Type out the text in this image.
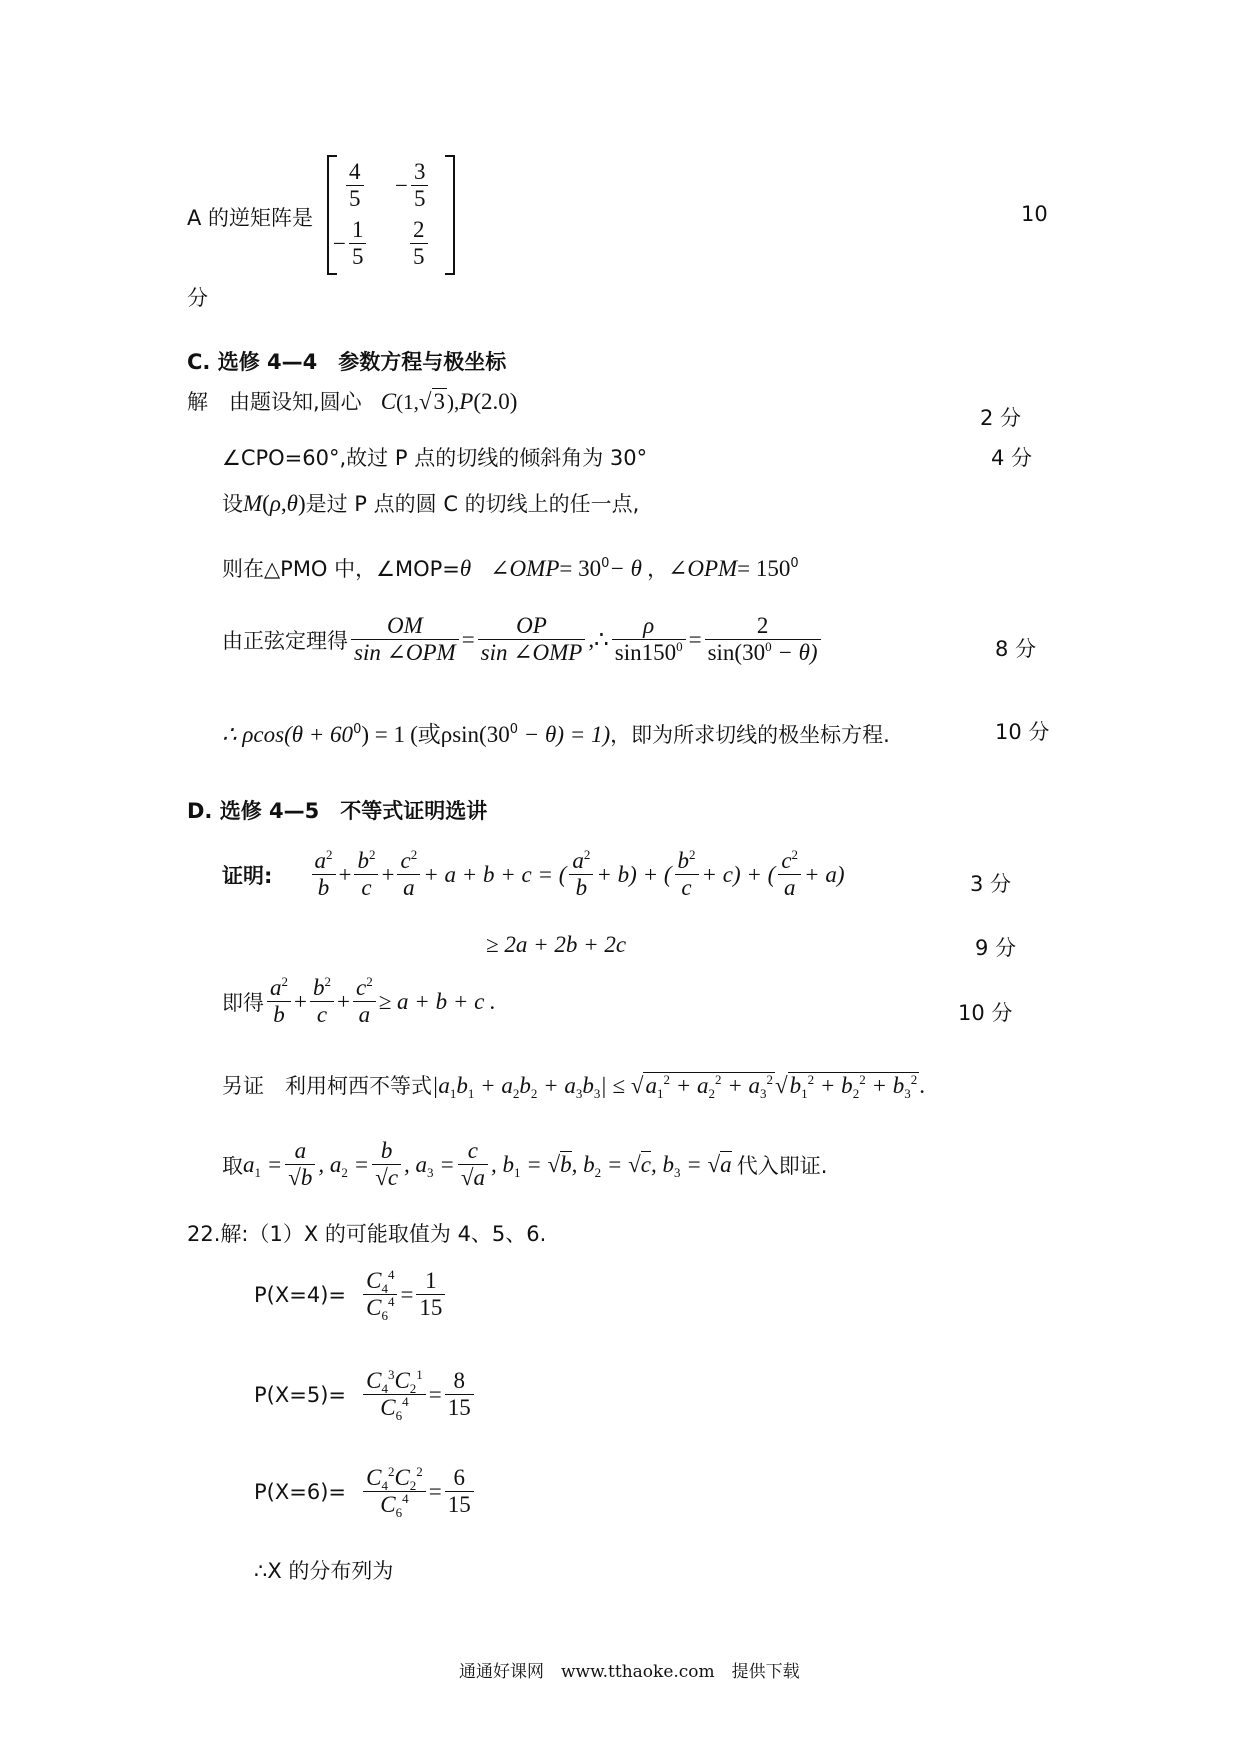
A 的逆矩阵是
$\frac{4}{5} - \frac{3}{5}$
− $\frac{1}{5} \frac{2}{5}$
10
分
C. 选修 4—4　参数方程与极坐标
解　由题设知,圆心 C(1,√3),P(2.0)
2 分
∠CPO=60°,故过 P 点的切线的倾斜角为 30°	4 分
设M(ρ,θ)是过 P 点的圆 C 的切线上的任一点,
则在△PMO 中，∠MOP=θ ∠OMP= $30^0- \theta$ ，∠OPM= $150^0$
由正弦定理得 $\frac{OM}{\text{sin ∠OPM}} = \frac{OP}{\text{sin ∠OMP}}$ ,∴ $\frac{\rho}{\sin 150^0} = \frac{2}{\sin(30^0 - \theta)}$	8 分
∴ $\rho\cos(\theta + 60^0) = 1$ (或$\rho\sin(30^0 - \theta) = 1$)，即为所求切线的极坐标方程.	10 分
D. 选修 4—5　不等式证明选讲
证明: $\frac{a^2}{b} + \frac{b^2}{c} + \frac{c^2}{a} + a + b + c$ = ( $\frac{a^2}{b} + b$) + ( $\frac{b^2}{c} + c$) + ( $\frac{c^2}{a} + a$)	3 分
≥ 2a + 2b + 2c	9 分
即得 $\frac{a^2}{b} + \frac{b^2}{c} + \frac{c^2}{a} \ge a + b + c$ .	10 分
另证　利用柯西不等式$|a_1b_1 + a_2b_2 + a_3b_3| \le √a_1^2 + a_2^2 + a_3^2√b_1^2 + b_2^2 + b_3^2$.
取$a_1 = \frac{a}{√b}$ , $a_2 = \frac{b}{√c}$ , $a_3 = \frac{c}{√a}$ , $b_1 = √b$, $b_2 = √c$, $b_3 = √a$ 代入即证.
22.解:（1）X 的可能取值为 4、5、6.
$P(X=4)= \frac{C_4^4}{C_6^4} = \frac{1}{15}$
$P(X=5)= \frac{C_4^3C_2^1}{C_6^4} = \frac{8}{15}$
$P(X=6)= \frac{C_4^2C_2^2}{C_6^4} = \frac{6}{15}$
∴X 的分布列为
通通好课网　www.tthaoke.com　提供下载
